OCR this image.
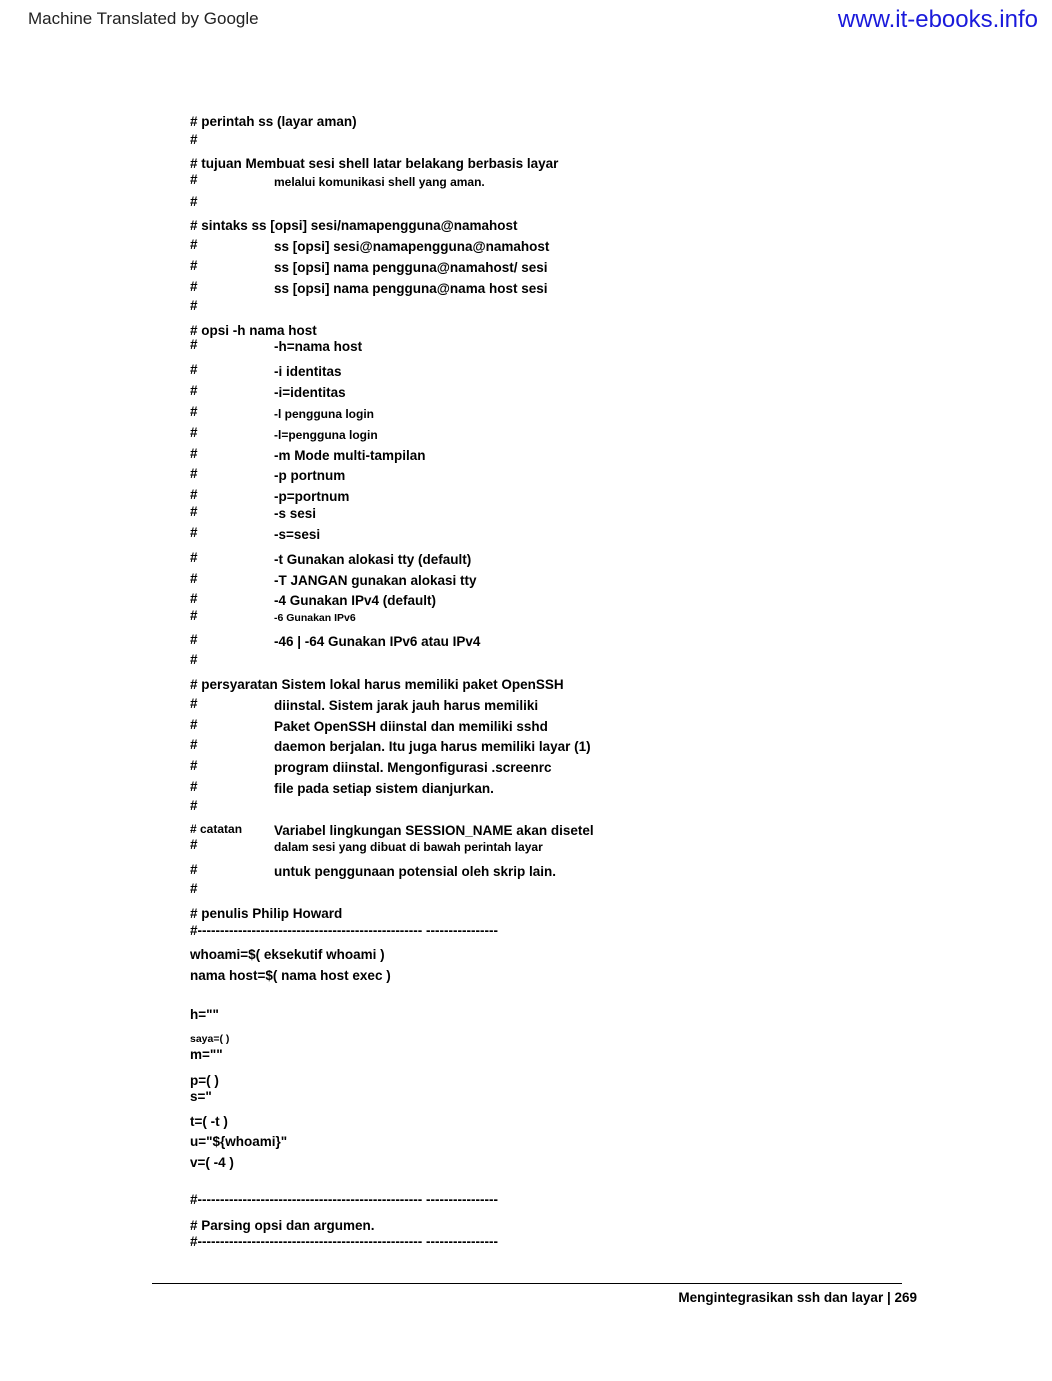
Machine Translated by Google	www.it-ebooks.info
# perintah ss (layar aman)
#
# tujuan Membuat sesi shell latar belakang berbasis layar
#	melalui komunikasi shell yang aman.
#
# sintaks ss [opsi] sesi/namapengguna@namahost
#	ss [opsi] sesi@namapengguna@namahost
#	ss [opsi] nama pengguna@namahost/ sesi
#	ss [opsi] nama pengguna@nama host sesi
#
# opsi -h nama host
#	-h=nama host
#	-i identitas
#	-i=identitas
#	-l pengguna login
#	-l=pengguna login
#	-m Mode multi-tampilan
#	-p portnum
#	-p=portnum
#	-s sesi
#	-s=sesi
#	-t Gunakan alokasi tty (default)
#	-T JANGAN gunakan alokasi tty
#	-4 Gunakan IPv4 (default)
#	-6 Gunakan IPv6
#	-46 | -64 Gunakan IPv6 atau IPv4
#
# persyaratan Sistem lokal harus memiliki paket OpenSSH
#	diinstal. Sistem jarak jauh harus memiliki
#	Paket OpenSSH diinstal dan memiliki sshd
#	daemon berjalan. Itu juga harus memiliki layar (1)
#	program diinstal. Mengonfigurasi .screenrc
#	file pada setiap sistem dianjurkan.
#
# catatan Variabel lingkungan SESSION_NAME akan disetel
#	dalam sesi yang dibuat di bawah perintah layar
#	untuk penggunaan potensial oleh skrip lain.
#
# penulis Philip Howard
#-------------------------------------------------- ----------------
whoami=$( eksekutif whoami )
nama host=$( nama host exec )
h=""
saya=( )
m=""
p=( )
s="
t=( -t )
u="${whoami}"
v=( -4 )
#-------------------------------------------------- ----------------
# Parsing opsi dan argumen.
#-------------------------------------------------- ----------------
Mengintegrasikan ssh dan layar | 269
